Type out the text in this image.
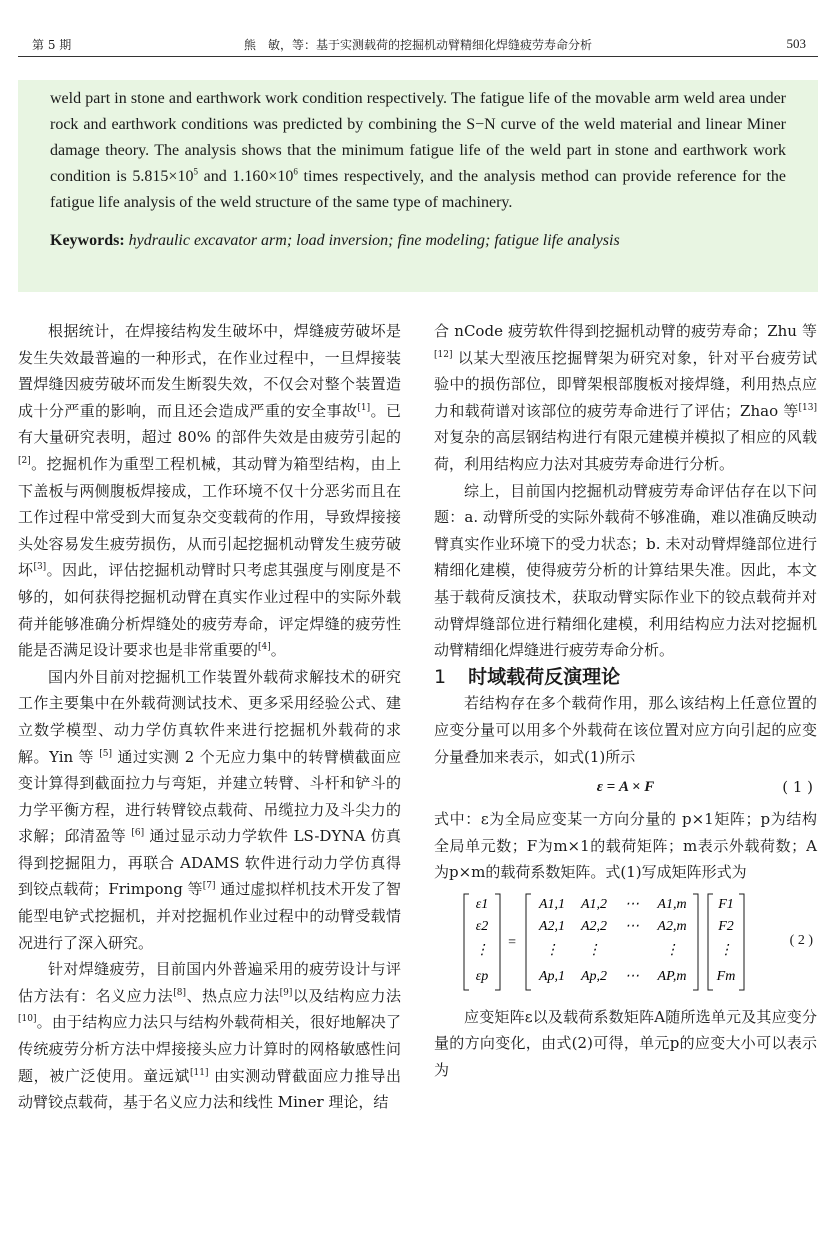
第 5 期	熊　敏，等：基于实测载荷的挖掘机动臂精细化焊缝疲劳寿命分析	503

weld part in stone and earthwork work condition respectively. The fatigue life of the movable arm weld area under rock and earthwork conditions was predicted by combining the S−N curve of the weld material and linear Miner damage theory. The analysis shows that the minimum fatigue life of the weld part in stone and earthwork work condition is $5.815\times 10^5$ and $1.160\times 10^6$ times respectively, and the analysis method can provide reference for the fatigue life analysis of the weld structure of the same type of machinery.

Keywords: hydraulic excavator arm; load inversion; fine modeling; fatigue life analysis

根据统计，在焊接结构发生破坏中，焊缝疲劳破坏是发生失效最普遍的一种形式，在作业过程中，一旦焊接装置焊缝因疲劳破坏而发生断裂失效，不仅会对整个装置造成十分严重的影响，而且还会造成严重的安全事故[1]。已有大量研究表明，超过 80% 的部件失效是由疲劳引起的[2]。挖掘机作为重型工程机械，其动臂为箱型结构，由上下盖板与两侧腹板焊接成，工作环境不仅十分恶劣而且在工作过程中常受到大而复杂交变载荷的作用，导致焊接接头处容易发生疲劳损伤，从而引起挖掘机动臂发生疲劳破坏[3]。因此，评估挖掘机动臂时只考虑其强度与刚度是不够的，如何获得挖掘机动臂在真实作业过程中的实际外载荷并能够准确分析焊缝处的疲劳寿命，评定焊缝的疲劳性能是否满足设计要求也是非常重要的[4]。

国内外目前对挖掘机工作装置外载荷求解技术的研究工作主要集中在外载荷测试技术、更多采用经验公式、建立数学模型、动力学仿真软件来进行挖掘机外载荷的求解。Yin 等 [5] 通过实测 2 个无应力集中的转臂横截面应变计算得到截面拉力与弯矩，并建立转臂、斗杆和铲斗的力学平衡方程，进行转臂铰点载荷、吊缆拉力及斗尖力的求解；邱清盈等 [6] 通过显示动力学软件 LS-DYNA 仿真得到挖掘阻力，再联合 ADAMS 软件进行动力学仿真得到铰点载荷；Frimpong 等[7] 通过虚拟样机技术开发了智能型电铲式挖掘机，并对挖掘机作业过程中的动臂受载情况进行了深入研究。

针对焊缝疲劳，目前国内外普遍采用的疲劳设计与评估方法有：名义应力法[8]、热点应力法[9]以及结构应力法[10]。由于结构应力法只与结构外载荷相关，很好地解决了传统疲劳分析方法中焊接接头应力计算时的网格敏感性问题，被广泛使用。童远斌[11] 由实测动臂截面应力推导出动臂铰点载荷，基于名义应力法和线性 Miner 理论，结

合 nCode 疲劳软件得到挖掘机动臂的疲劳寿命；Zhu 等[12] 以某大型液压挖掘臂架为研究对象，针对平台疲劳试验中的损伤部位，即臂架根部腹板对接焊缝，利用热点应力和载荷谱对该部位的疲劳寿命进行了评估；Zhao 等[13] 对复杂的高层钢结构进行有限元建模并模拟了相应的风载荷，利用结构应力法对其疲劳寿命进行分析。

综上，目前国内挖掘机动臂疲劳寿命评估存在以下问题：a. 动臂所受的实际外载荷不够准确，难以准确反映动臂真实作业环境下的受力状态；b. 未对动臂焊缝部位进行精细化建模，使得疲劳分析的计算结果失准。因此，本文基于载荷反演技术，获取动臂实际作业下的铰点载荷并对动臂焊缝部位进行精细化建模，利用结构应力法对挖掘机动臂精细化焊缝进行疲劳寿命分析。

1 时域载荷反演理论

若结构存在多个载荷作用，那么该结构上任意位置的应变分量可以用多个外载荷在该位置对应方向引起的应变分量叠加来表示，如式(1)所示

ε = A × F	( 1 )

式中：ε为全局应变某一方向分量的 p×1矩阵；p为结构全局单元数；F为m×1的载荷矩阵；m表示外载荷数；A为p×m的载荷系数矩阵。式(1)写成矩阵形式为

ε1
ε2
⋮
εp
=
A1,1 A1,2 ⋯ A1,m
A2,1 A2,2 ⋯ A2,m
⋮ ⋮	⋮
Ap,1 Ap,2 ⋯ AP,m
F1
F2
⋮
Fm
( 2 )

应变矩阵ε以及载荷系数矩阵A随所选单元及其应变分量的方向变化，由式(2)可得，单元p的应变大小可以表示为
